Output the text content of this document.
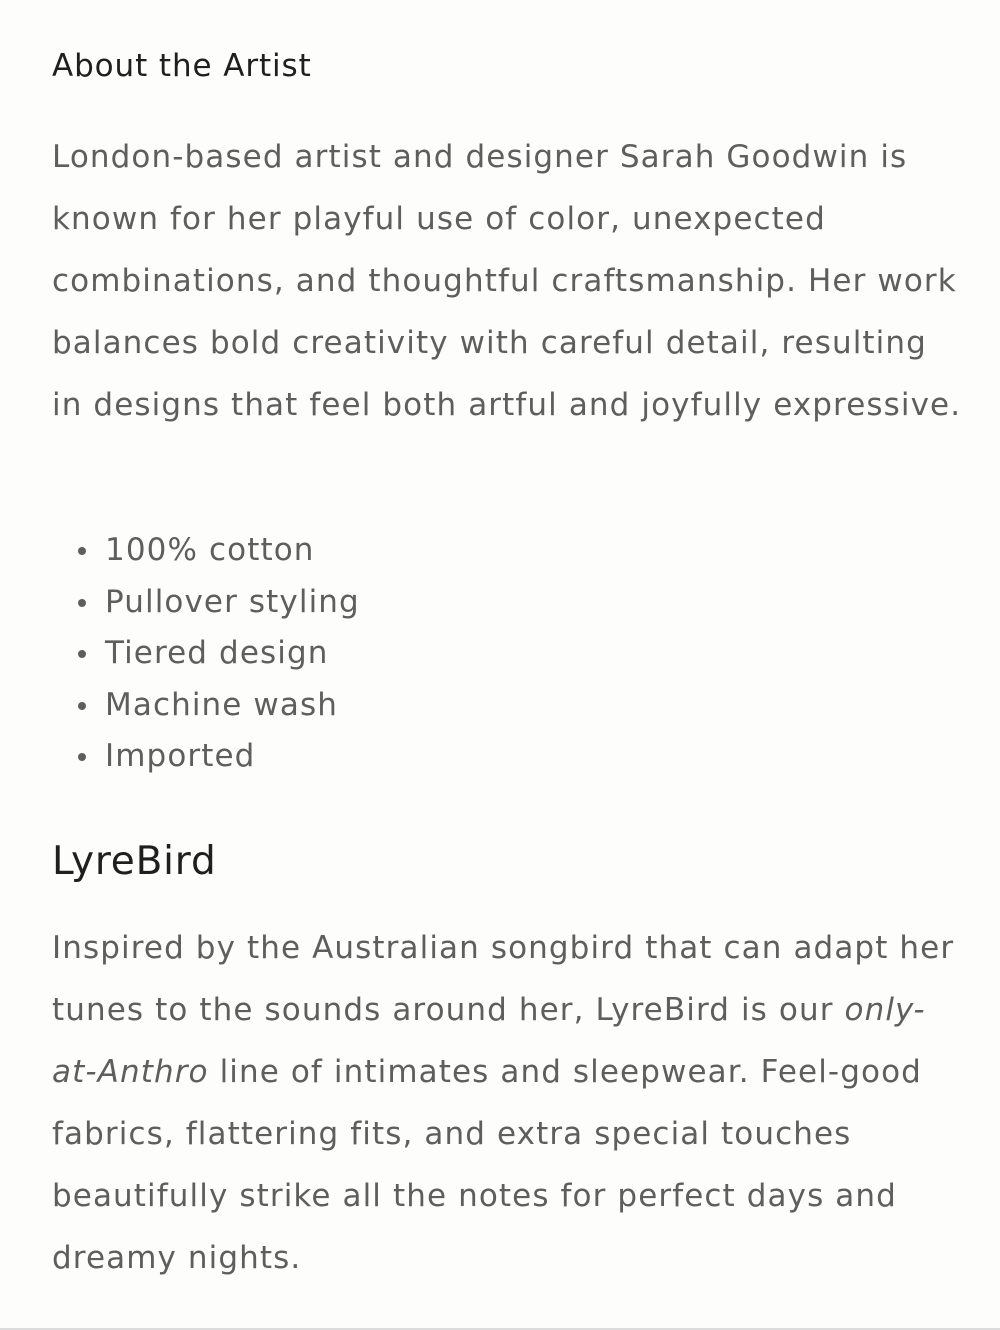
About the Artist

London-based artist and designer Sarah Goodwin is known for her playful use of color, unexpected combinations, and thoughtful craftsmanship. Her work balances bold creativity with careful detail, resulting in designs that feel both artful and joyfully expressive.

100% cotton
Pullover styling
Tiered design
Machine wash
Imported
LyreBird

Inspired by the Australian songbird that can adapt her tunes to the sounds around her, LyreBird is our only-at-Anthro line of intimates and sleepwear. Feel-good fabrics, flattering fits, and extra special touches beautifully strike all the notes for perfect days and dreamy nights.
